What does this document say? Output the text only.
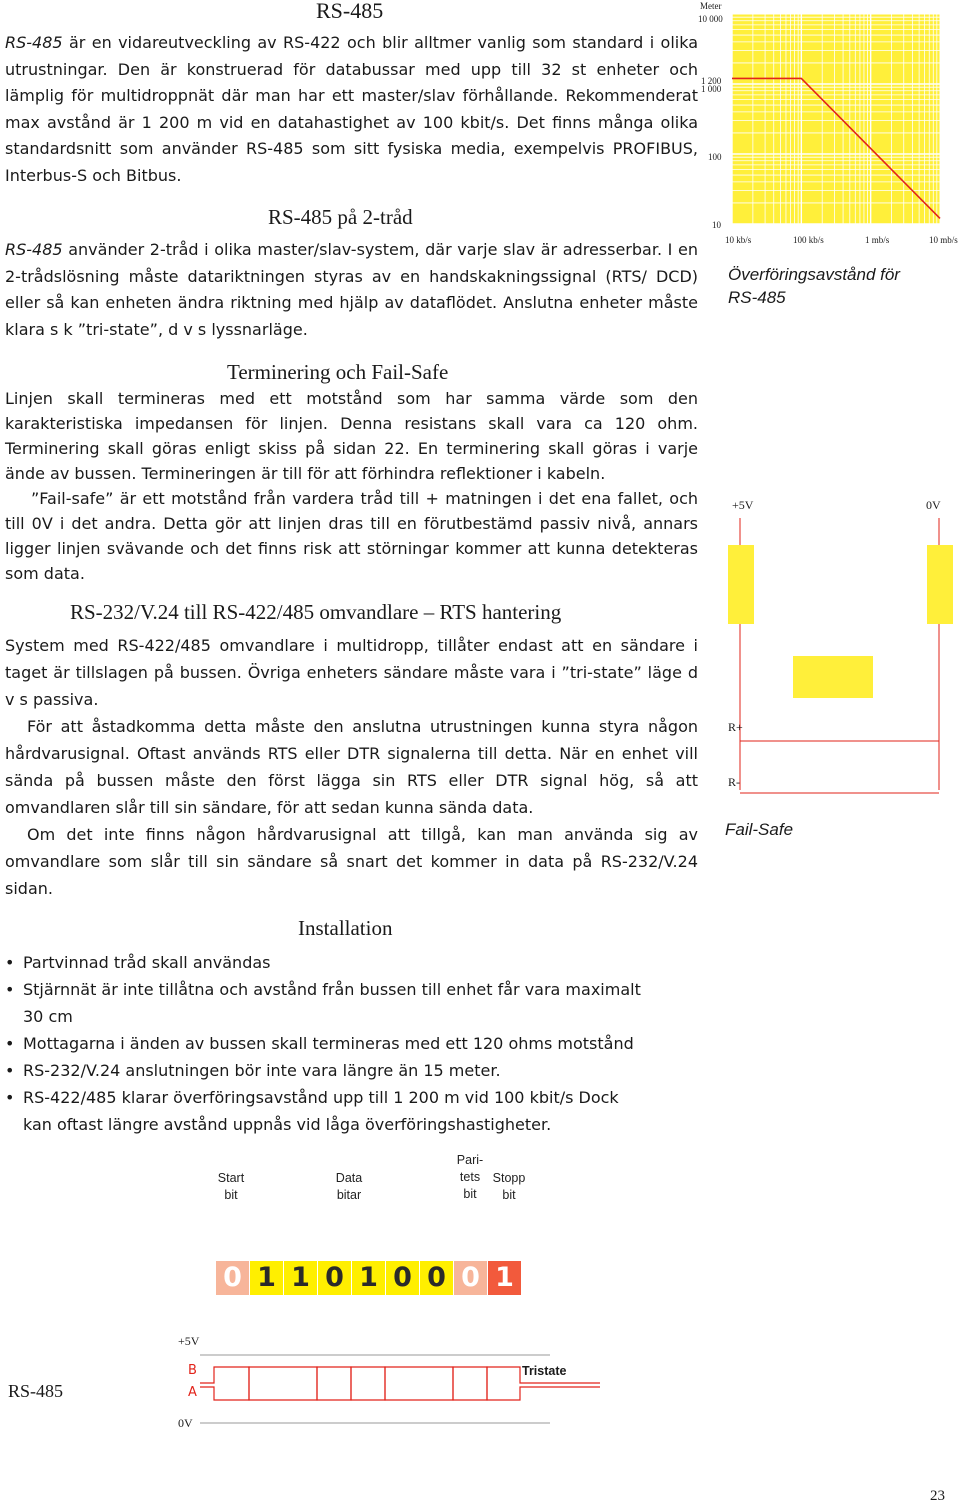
RS-485

RS-485 är en vidareutveckling av RS-422 och blir alltmer vanlig som standard i olika utrustningar. Den är konstruerad för databussar med upp till 32 st enheter och lämplig för multidroppnät där man har ett master/slav förhållande. Rekommenderat max avstånd är 1 200 m vid en datahastighet av 100 kbit/s. Det finns många olika standardsnitt som använder RS-485 som sitt fysiska media, exempelvis PROFIBUS, Interbus-S och Bitbus.

RS-485 på 2-tråd

RS-485 använder 2-tråd i olika master/slav-system, där varje slav är adresserbar. I en 2-trådslösning måste datariktningen styras av en handskakningssignal (RTS/ DCD) eller så kan enheten ändra riktning med hjälp av dataflödet. Anslutna enheter måste klara s k ”tri-state”, d v s lyssnarläge.

Terminering och Fail-Safe

Linjen skall termineras med ett motstånd som har samma värde som den karakteristiska impedansen för linjen. Denna resistans skall vara ca 120 ohm. Terminering skall göras enligt skiss på sidan 22. En terminering skall göras i varje ände av bussen. Termineringen är till för att förhindra reflektioner i kabeln.

”Fail-safe” är ett motstånd från vardera tråd till + matningen i det ena fallet, och till 0V i det andra. Detta gör att linjen dras till en förutbestämd passiv nivå, annars ligger linjen svävande och det finns risk att störningar kommer att kunna detekteras som data.

RS-232/V.24 till RS-422/485 omvandlare – RTS hantering

System med RS-422/485 omvandlare i multidropp, tillåter endast att en sändare i taget är tillslagen på bussen. Övriga enheters sändare måste vara i ”tri-state” läge d v s passiva.

För att åstadkomma detta måste den anslutna utrustningen kunna styra någon hårdvarusignal. Oftast används RTS eller DTR signalerna till detta. När en enhet vill sända på bussen måste den först lägga sin RTS eller DTR signal hög, så att omvandlaren slår till sin sändare, för att sedan kunna sända data.

Om det inte finns någon hårdvarusignal att tillgå, kan man använda sig av omvandlare som slår till sin sändare så snart det kommer in data på RS-232/V.24 sidan.

Installation
• Partvinnad tråd skall användas
• Stjärnnät är inte tillåtna och avstånd från bussen till enhet får vara maximalt 30 cm
• Mottagarna i änden av bussen skall termineras med ett 120 ohms motstånd
• RS-232/V.24 anslutningen bör inte vara längre än 15 meter.
• RS-422/485 klarar överföringsavstånd upp till 1 200 m vid 100 kbit/s Dock kan oftast längre avstånd uppnås vid låga överföringshastigheter.
Meter
10 000
1 200
1 000
100
10
10 kb/s	100 kb/s	1 mb/s	10 mb/s
Överföringsavstånd för RS-485
+5V	0V
R+
R-
Fail-Safe
Start bit
Data bitar
Pari-tets bit
Stopp bit
0 1 1 0 1 0 0 0 1
+5V
0V
RS-485
B
A
Tristate
23
